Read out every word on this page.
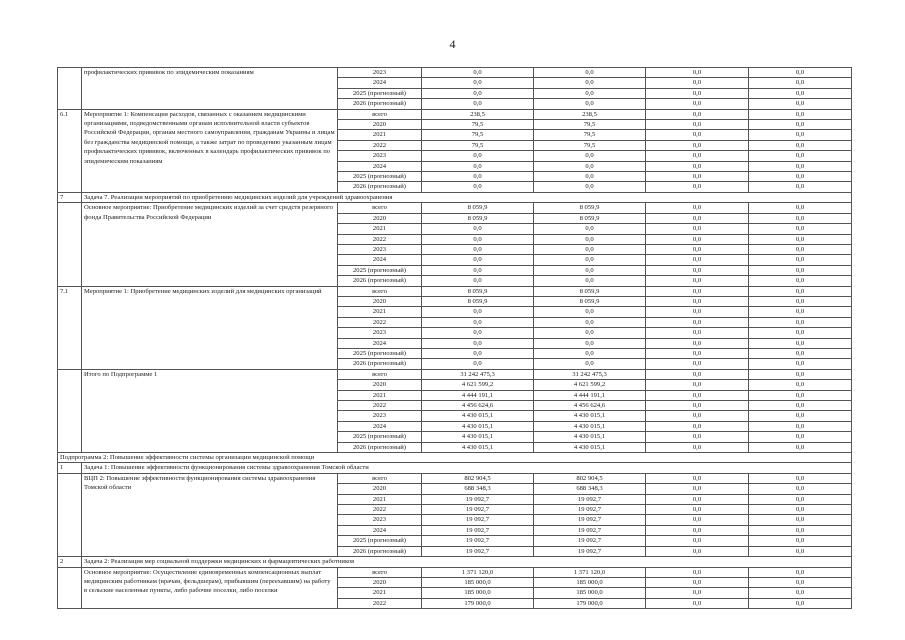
4
	профилактических прививок по эпидемическим показаниям	2023	0,0	0,0	0,0	0,0
		2024	0,0	0,0	0,0	0,0
		2025 (прогнозный)	0,0	0,0	0,0	0,0
		2026 (прогнозный)	0,0	0,0	0,0	0,0
6.1	Мероприятие 1: Компенсация расходов, связанных с оказанием медицинскими организациями, подведомственными органам исполнительной власти субъектов Российской Федерации, органам местного самоуправления, гражданам Украины и лицам без гражданства медицинской помощи, а также затрат по проведению указанным лицам профилактических прививок, включенных в календарь профилактических прививок по эпидемическим показаниям	всего	238,5	238,5	0,0	0,0
		2020	79,5	79,5	0,0	0,0
		2021	79,5	79,5	0,0	0,0
		2022	79,5	79,5	0,0	0,0
		2023	0,0	0,0	0,0	0,0
		2024	0,0	0,0	0,0	0,0
		2025 (прогнозный)	0,0	0,0	0,0	0,0
		2026 (прогнозный)	0,0	0,0	0,0	0,0
7	Задача 7. Реализация мероприятий по приобретению медицинских изделий для учреждений здравоохранения					
	Основное мероприятие: Приобретение медицинских изделий за счет средств резервного фонда Правительства Российской Федерации	всего	8 059,9	8 059,9	0,0	0,0
		2020	8 059,9	8 059,9	0,0	0,0
		2021	0,0	0,0	0,0	0,0
		2022	0,0	0,0	0,0	0,0
		2023	0,0	0,0	0,0	0,0
		2024	0,0	0,0	0,0	0,0
		2025 (прогнозный)	0,0	0,0	0,0	0,0
		2026 (прогнозный)	0,0	0,0	0,0	0,0
7.1	Мероприятие 1: Приобретение медицинских изделий для медицинских организаций	всего	8 059,9	8 059,9	0,0	0,0
		2020	8 059,9	8 059,9	0,0	0,0
		2021	0,0	0,0	0,0	0,0
		2022	0,0	0,0	0,0	0,0
		2023	0,0	0,0	0,0	0,0
		2024	0,0	0,0	0,0	0,0
		2025 (прогнозный)	0,0	0,0	0,0	0,0
		2026 (прогнозный)	0,0	0,0	0,0	0,0
	Итого по Подпрограмме 1	всего	31 242 475,3	31 242 475,3	0,0	0,0
		2020	4 621 599,2	4 621 599,2	0,0	0,0
		2021	4 444 191,1	4 444 191,1	0,0	0,0
		2022	4 456 624,6	4 456 624,6	0,0	0,0
		2023	4 430 015,1	4 430 015,1	0,0	0,0
		2024	4 430 015,1	4 430 015,1	0,0	0,0
		2025 (прогнозный)	4 430 015,1	4 430 015,1	0,0	0,0
		2026 (прогнозный)	4 430 015,1	4 430 015,1	0,0	0,0
Подпрограмма 2: Повышение эффективности системы организации медицинской помощи						
1	Задача 1: Повышение эффективности функционирования системы здравоохранения Томской области					
	ВЦП 2: Повышение эффективности функционирования системы здравоохранения Томской области	всего	802 904,5	802 904,5	0,0	0,0
		2020	688 348,3	688 348,3	0,0	0,0
		2021	19 092,7	19 092,7	0,0	0,0
		2022	19 092,7	19 092,7	0,0	0,0
		2023	19 092,7	19 092,7	0,0	0,0
		2024	19 092,7	19 092,7	0,0	0,0
		2025 (прогнозный)	19 092,7	19 092,7	0,0	0,0
		2026 (прогнозный)	19 092,7	19 092,7	0,0	0,0
2	Задача 2: Реализация мер социальной поддержки медицинских и фармацевтических работников					
	Основное мероприятие: Осуществление единовременных компенсационных выплат медицинским работникам (врачам, фельдшерам), прибывшим (переехавшим) на работу в сельские населенные пункты, либо рабочие поселки, либо поселки	всего	1 371 120,0	1 371 120,0	0,0	0,0
		2020	185 000,0	185 000,0	0,0	0,0
		2021	185 000,0	185 000,0	0,0	0,0
		2022	179 000,0	179 000,0	0,0	0,0
